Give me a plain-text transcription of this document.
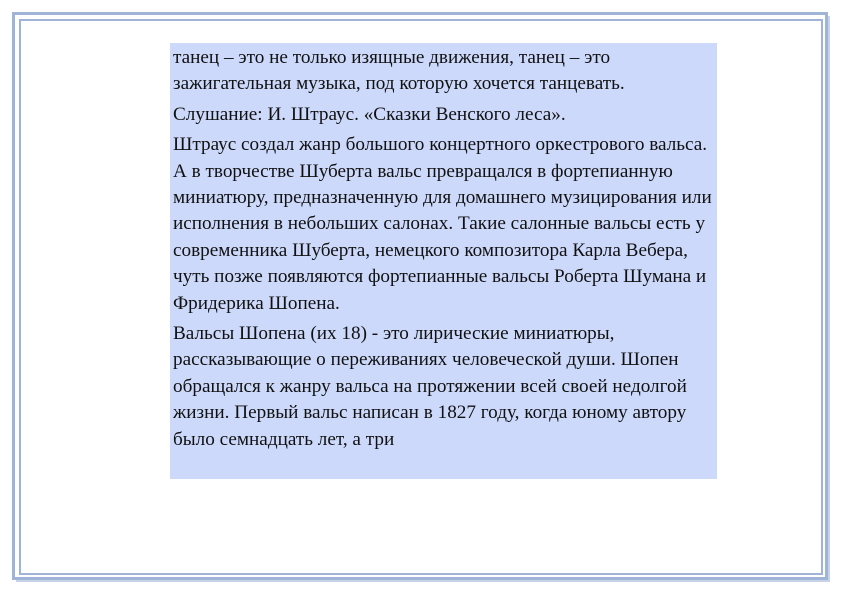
танец – это не только изящные движения, танец – это зажигательная музыка, под которую хочется танцевать.

Слушание: И. Штраус. «Сказки Венского леса».

Штраус создал жанр большого концертного оркестрового вальса. А в творчестве Шуберта вальс превращался в фортепианную миниатюру, предназначенную для домашнего музицирования или исполнения в небольших салонах. Такие салонные вальсы есть у современника Шуберта, немецкого композитора Карла Вебера, чуть позже появляются фортепианные вальсы Роберта Шумана и Фридерика Шопена.

Вальсы Шопена (их 18) - это лирические миниатюры, рассказывающие о переживаниях человеческой души. Шопен обращался к жанру вальса на протяжении всей своей недолгой жизни. Первый вальс написан в 1827 году, когда юному автору было семнадцать лет, а три
